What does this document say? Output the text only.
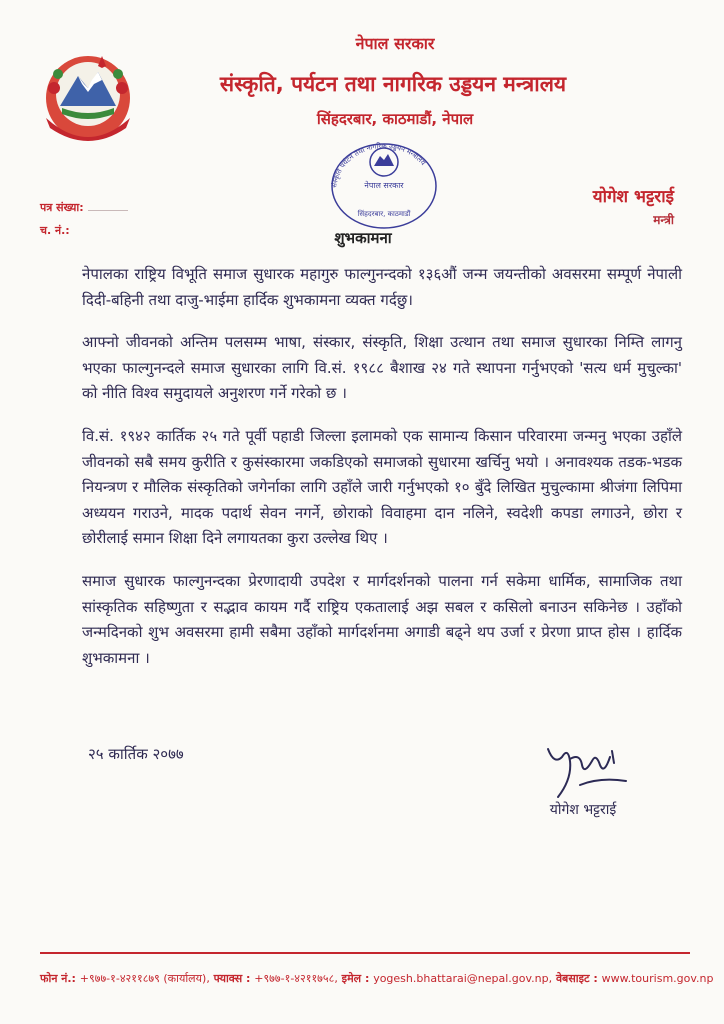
नेपाल सरकार
संस्कृति, पर्यटन तथा नागरिक उड्डयन मन्त्रालय
सिंहदरबार, काठमाडौं, नेपाल
संस्कृति पर्यटन तथा नागरिक उड्डयन मन्त्रालय
नेपाल सरकार
सिंहदरबार, काठमाडौं
योगेश भट्टराई
मन्त्री
पत्र संख्या:
च. नं.:	शुभकामना

नेपालका राष्ट्रिय विभूति समाज सुधारक महागुरु फाल्गुनन्दको १३६औं जन्म जयन्तीको अवसरमा सम्पूर्ण नेपाली दिदी-बहिनी तथा दाजु-भाईमा हार्दिक शुभकामना व्यक्त गर्दछु।

आफ्नो जीवनको अन्तिम पलसम्म भाषा, संस्कार, संस्कृति, शिक्षा उत्थान तथा समाज सुधारका निम्ति लागनु भएका फाल्गुनन्दले समाज सुधारका लागि वि.सं. १९८८ बैशाख २४ गते स्थापना गर्नुभएको 'सत्य धर्म मुचुल्का' को नीति विश्व समुदायले अनुशरण गर्ने गरेको छ ।

वि.सं. १९४२ कार्तिक २५ गते पूर्वी पहाडी जिल्ला इलामको एक सामान्य किसान परिवारमा जन्मनु भएका उहाँले जीवनको सबै समय कुरीति र कुसंस्कारमा जकडिएको समाजको सुधारमा खर्चिनु भयो । अनावश्यक तडक-भडक नियन्त्रण र मौलिक संस्कृतिको जगेर्नाका लागि उहाँले जारी गर्नुभएको १० बुँदे लिखित मुचुल्कामा श्रीजंगा लिपिमा अध्ययन गराउने, मादक पदार्थ सेवन नगर्ने, छोराको विवाहमा दान नलिने, स्वदेशी कपडा लगाउने, छोरा र छोरीलाई समान शिक्षा दिने लगायतका कुरा उल्लेख थिए ।

समाज सुधारक फाल्गुनन्दका प्रेरणादायी उपदेश र मार्गदर्शनको पालना गर्न सकेमा धार्मिक, सामाजिक तथा सांस्कृतिक सहिष्णुता र सद्भाव कायम गर्दै राष्ट्रिय एकतालाई अझ सबल र कसिलो बनाउन सकिनेछ । उहाँको जन्मदिनको शुभ अवसरमा हामी सबैमा उहाँको मार्गदर्शनमा अगाडी बढ्ने थप उर्जा र प्रेरणा प्राप्त होस । हार्दिक शुभकामना ।

२५ कार्तिक २०७७
योगेश भट्टराई
फोन नं.: +९७७-१-४२११८७९ (कार्यालय), फ्याक्स : +९७७-१-४२११७५८, इमेल : yogesh.bhattarai@nepal.gov.np, वेबसाइट : www.tourism.gov.np
